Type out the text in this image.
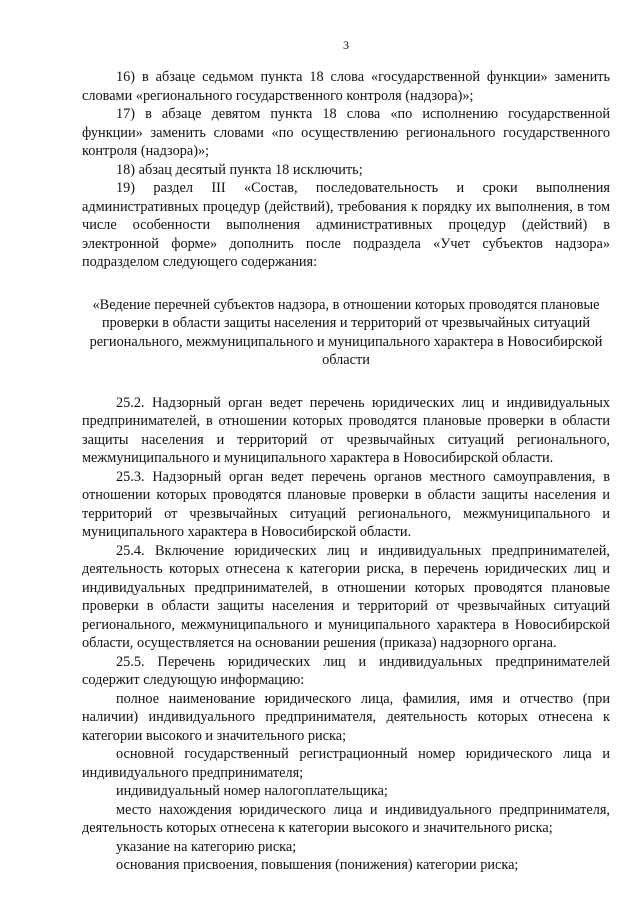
3

16) в абзаце седьмом пункта 18 слова «государственной функции» заменить словами «регионального государственного контроля (надзора)»;

17) в абзаце девятом пункта 18 слова «по исполнению государственной функции» заменить словами «по осуществлению регионального государственного контроля (надзора)»;

18) абзац десятый пункта 18 исключить;

19) раздел III «Состав, последовательность и сроки выполнения административных процедур (действий), требования к порядку их выполнения, в том числе особенности выполнения административных процедур (действий) в электронной форме» дополнить после подраздела «Учет субъектов надзора» подразделом следующего содержания:

«Ведение перечней субъектов надзора, в отношении которых проводятся плановые проверки в области защиты населения и территорий от чрезвычайных ситуаций регионального, межмуниципального и муниципального характера в Новосибирской области

25.2. Надзорный орган ведет перечень юридических лиц и индивидуальных предпринимателей, в отношении которых проводятся плановые проверки в области защиты населения и территорий от чрезвычайных ситуаций регионального, межмуниципального и муниципального характера в Новосибирской области.

25.3. Надзорный орган ведет перечень органов местного самоуправления, в отношении которых проводятся плановые проверки в области защиты населения и территорий от чрезвычайных ситуаций регионального, межмуниципального и муниципального характера в Новосибирской области.

25.4. Включение юридических лиц и индивидуальных предпринимателей, деятельность которых отнесена к категории риска, в перечень юридических лиц и индивидуальных предпринимателей, в отношении которых проводятся плановые проверки в области защиты населения и территорий от чрезвычайных ситуаций регионального, межмуниципального и муниципального характера в Новосибирской области, осуществляется на основании решения (приказа) надзорного органа.

25.5. Перечень юридических лиц и индивидуальных предпринимателей содержит следующую информацию:

полное наименование юридического лица, фамилия, имя и отчество (при наличии) индивидуального предпринимателя, деятельность которых отнесена к категории высокого и значительного риска;

основной государственный регистрационный номер юридического лица и индивидуального предпринимателя;

индивидуальный номер налогоплательщика;

место нахождения юридического лица и индивидуального предпринимателя, деятельность которых отнесена к категории высокого и значительного риска;

указание на категорию риска;

основания присвоения, повышения (понижения) категории риска;
